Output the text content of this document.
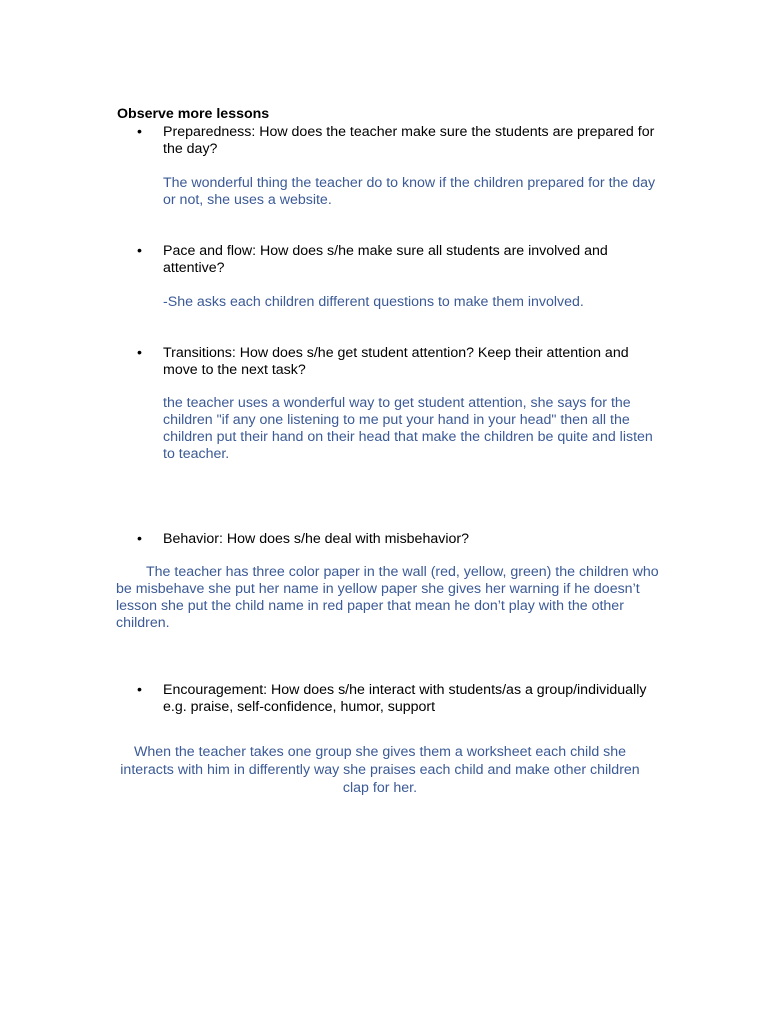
Observe more lessons

•	Preparedness: How does the teacher make sure the students are prepared for the day?

The wonderful thing the teacher do to know if the children prepared for the day or not, she uses a website.

•	Pace and flow: How does s/he make sure all students are involved and attentive?

-She asks each children different questions to make them involved.

•	Transitions: How does s/he get student attention? Keep their attention and move to the next task?

the teacher uses a wonderful way to get student attention, she says for the children "if any one listening to me put your hand in your head" then all the children put their hand on their head that make the children be quite and listen to teacher.

•	Behavior: How does s/he deal with misbehavior?

The teacher has three color paper in the wall (red, yellow, green) the children who be misbehave she put her name in yellow paper she gives her warning if he doesn’t lesson she put the child name in red paper that mean he don’t play with the other children.

•	Encouragement: How does s/he interact with students/as a group/individually e.g. praise, self-confidence, humor, support

When the teacher takes one group she gives them a worksheet each child she interacts with him in differently way she praises each child and make other children clap for her.
